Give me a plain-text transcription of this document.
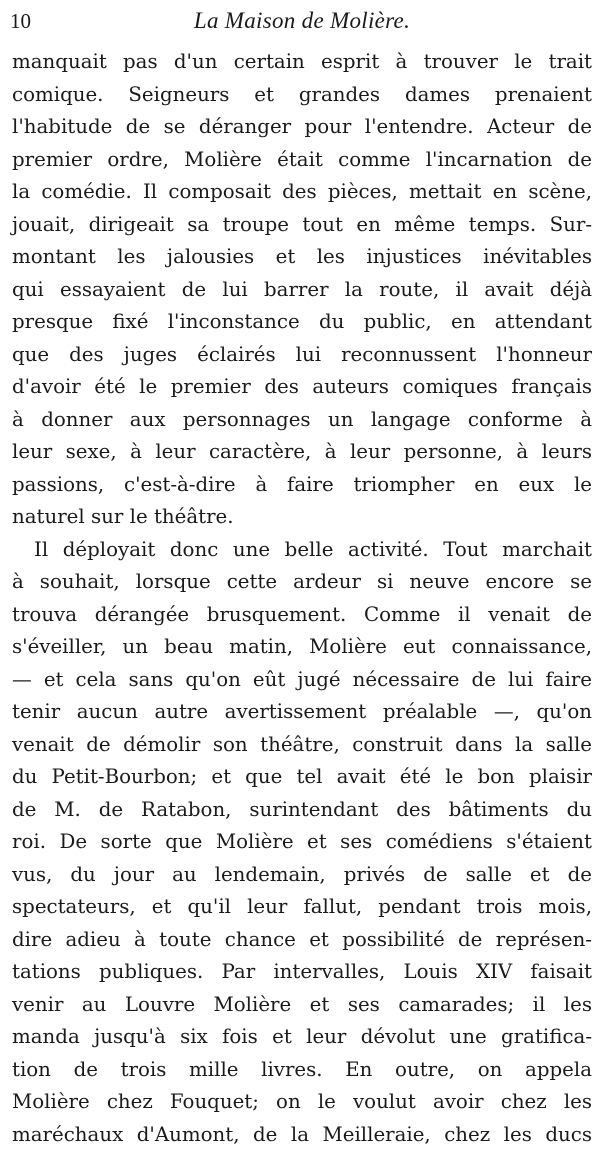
10	La Maison de Molière.
manquait pas d'un certain esprit à trouver le trait
comique. Seigneurs et grandes dames prenaient
l'habitude de se déranger pour l'entendre. Acteur de
premier ordre, Molière était comme l'incarnation de
la comédie. Il composait des pièces, mettait en scène,
jouait, dirigeait sa troupe tout en même temps. Sur-
montant les jalousies et les injustices inévitables
qui essayaient de lui barrer la route, il avait déjà
presque fixé l'inconstance du public, en attendant
que des juges éclairés lui reconnussent l'honneur
d'avoir été le premier des auteurs comiques français
à donner aux personnages un langage conforme à
leur sexe, à leur caractère, à leur personne, à leurs
passions, c'est-à-dire à faire triompher en eux le
naturel sur le théâtre.
Il déployait donc une belle activité. Tout marchait
à souhait, lorsque cette ardeur si neuve encore se
trouva dérangée brusquement. Comme il venait de
s'éveiller, un beau matin, Molière eut connaissance,
— et cela sans qu'on eût jugé nécessaire de lui faire
tenir aucun autre avertissement préalable —, qu'on
venait de démolir son théâtre, construit dans la salle
du Petit-Bourbon; et que tel avait été le bon plaisir
de M. de Ratabon, surintendant des bâtiments du
roi. De sorte que Molière et ses comédiens s'étaient
vus, du jour au lendemain, privés de salle et de
spectateurs, et qu'il leur fallut, pendant trois mois,
dire adieu à toute chance et possibilité de représen-
tations publiques. Par intervalles, Louis XIV faisait
venir au Louvre Molière et ses camarades; il les
manda jusqu'à six fois et leur dévolut une gratifica-
tion de trois mille livres. En outre, on appela
Molière chez Fouquet; on le voulut avoir chez les
maréchaux d'Aumont, de la Meilleraie, chez les ducs
